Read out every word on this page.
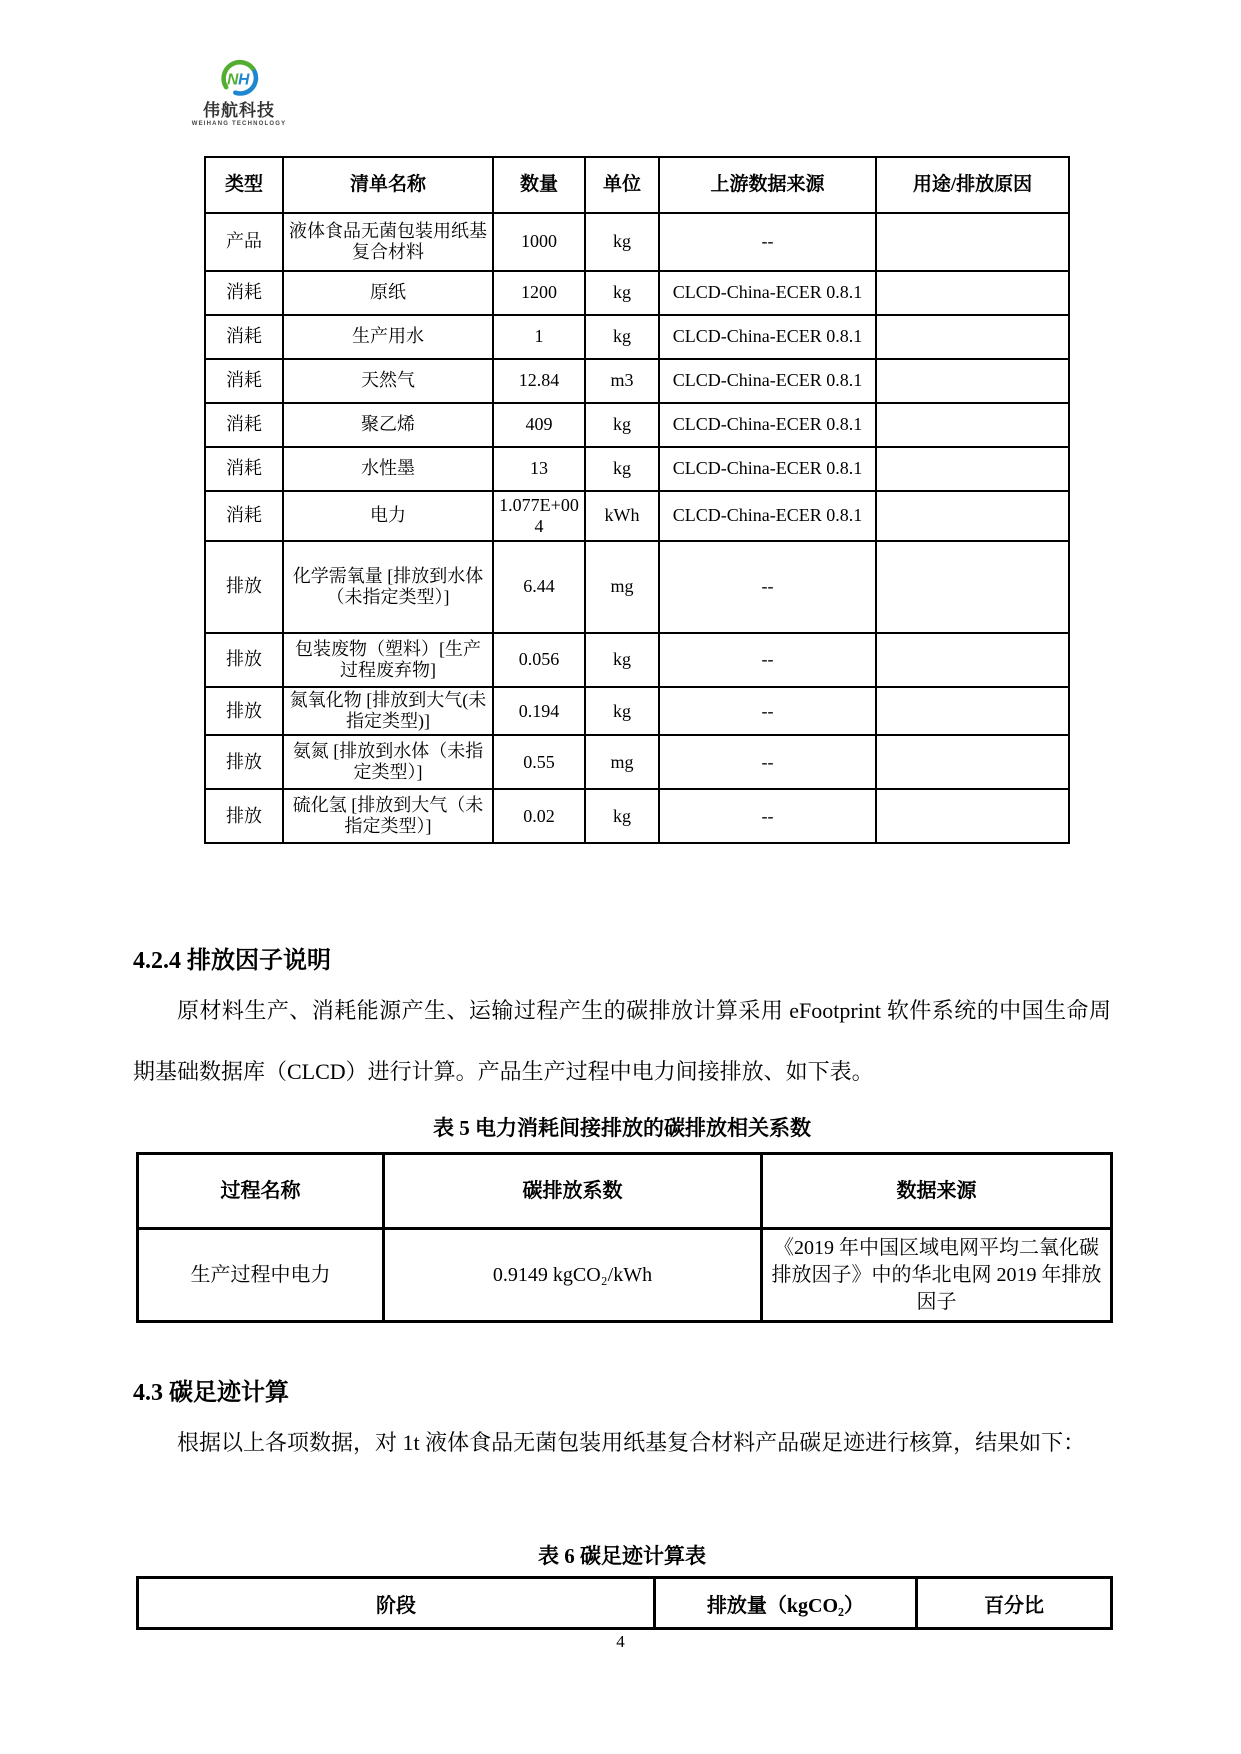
N H
伟航科技
WEIHANG TECHNOLOGY
类型	清单名称	数量	单位	上游数据来源	用途/排放原因
产品	液体食品无菌包装用纸基复合材料	1000	kg	--	
消耗	原纸	1200	kg	CLCD-China-ECER 0.8.1	
消耗	生产用水	1	kg	CLCD-China-ECER 0.8.1	
消耗	天然气	12.84	m3	CLCD-China-ECER 0.8.1	
消耗	聚乙烯	409	kg	CLCD-China-ECER 0.8.1	
消耗	水性墨	13	kg	CLCD-China-ECER 0.8.1	
消耗	电力	1.077E+004	kWh	CLCD-China-ECER 0.8.1	
排放	化学需氧量 [排放到水体（未指定类型）]	6.44	mg	--	
排放	包装废物（塑料）[生产过程废弃物]	0.056	kg	--	
排放	氮氧化物 [排放到大气(未指定类型)]	0.194	kg	--	
排放	氨氮 [排放到水体（未指定类型）]	0.55	mg	--	
排放	硫化氢 [排放到大气（未指定类型）]	0.02	kg	--	
4.2.4 排放因子说明
原材料生产、消耗能源产生、运输过程产生的碳排放计算采用 eFootprint 软件系统的中国生命周期基础数据库（CLCD）进行计算。产品生产过程中电力间接排放、如下表。
表 5 电力消耗间接排放的碳排放相关系数
过程名称	碳排放系数	数据来源
生产过程中电力	0.9149 kgCO₂/kWh	《2019 年中国区域电网平均二氧化碳排放因子》中的华北电网 2019 年排放因子
4.3 碳足迹计算
根据以上各项数据，对 1t 液体食品无菌包装用纸基复合材料产品碳足迹进行核算，结果如下：
表 6 碳足迹计算表
阶段	排放量（kgCO₂）	百分比
4
